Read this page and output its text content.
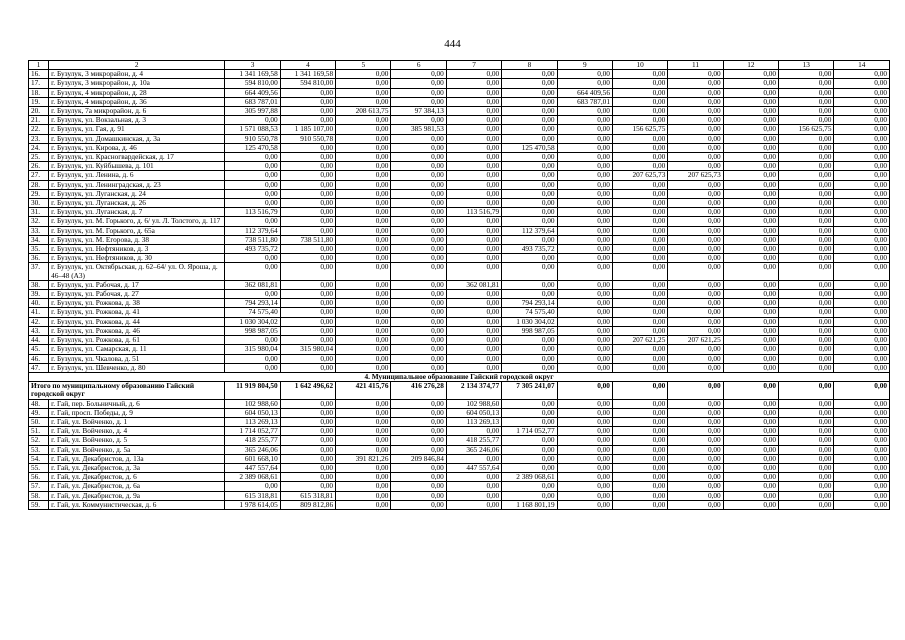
444
1	2	3	4	5	6	7	8	9	10	11	12	13	14
16.	г. Бузулук, 3 микрорайон, д. 4	1 341 169,58	1 341 169,58	0,00	0,00	0,00	0,00	0,00	0,00	0,00	0,00	0,00	0,00
17.	г. Бузулук, 3 микрорайон, д. 10а	594 810,00	594 810,00	0,00	0,00	0,00	0,00	0,00	0,00	0,00	0,00	0,00	0,00
18.	г. Бузулук, 4 микрорайон, д. 28	664 409,56	0,00	0,00	0,00	0,00	0,00	664 409,56	0,00	0,00	0,00	0,00	0,00
19.	г. Бузулук, 4 микрорайон, д. 36	683 787,01	0,00	0,00	0,00	0,00	0,00	683 787,01	0,00	0,00	0,00	0,00	0,00
20.	г. Бузулук, 7а микрорайон, д. 6	305 997,88	0,00	208 613,75	97 384,13	0,00	0,00	0,00	0,00	0,00	0,00	0,00	0,00
21.	г. Бузулук, ул. Вокзальная, д. 3	0,00	0,00	0,00	0,00	0,00	0,00	0,00	0,00	0,00	0,00	0,00	0,00
22.	г. Бузулук, ул. Гая, д. 91	1 571 088,53	1 185 107,00	0,00	385 981,53	0,00	0,00	0,00	156 625,75	0,00	0,00	156 625,75	0,00
23.	г. Бузулук, ул. Домашкинская, д. 3а	910 550,78	910 550,78	0,00	0,00	0,00	0,00	0,00	0,00	0,00	0,00	0,00	0,00
24.	г. Бузулук, ул. Кирова, д. 46	125 470,58	0,00	0,00	0,00	0,00	125 470,58	0,00	0,00	0,00	0,00	0,00	0,00
25.	г. Бузулук, ул. Красногвардейская, д. 17	0,00	0,00	0,00	0,00	0,00	0,00	0,00	0,00	0,00	0,00	0,00	0,00
26.	г. Бузулук, ул. Куйбышева, д. 101	0,00	0,00	0,00	0,00	0,00	0,00	0,00	0,00	0,00	0,00	0,00	0,00
27.	г. Бузулук, ул. Ленина, д. 6	0,00	0,00	0,00	0,00	0,00	0,00	0,00	207 625,73	207 625,73	0,00	0,00	0,00
28.	г. Бузулук, ул. Ленинградская, д. 23	0,00	0,00	0,00	0,00	0,00	0,00	0,00	0,00	0,00	0,00	0,00	0,00
29.	г. Бузулук, ул. Луганская, д. 24	0,00	0,00	0,00	0,00	0,00	0,00	0,00	0,00	0,00	0,00	0,00	0,00
30.	г. Бузулук, ул. Луганская, д. 26	0,00	0,00	0,00	0,00	0,00	0,00	0,00	0,00	0,00	0,00	0,00	0,00
31.	г. Бузулук, ул. Луганская, д. 7	113 516,79	0,00	0,00	0,00	113 516,79	0,00	0,00	0,00	0,00	0,00	0,00	0,00
32.	г. Бузулук, ул. М. Горького, д. 6/ ул. Л. Толстого, д. 117	0,00	0,00	0,00	0,00	0,00	0,00	0,00	0,00	0,00	0,00	0,00	0,00
33.	г. Бузулук, ул. М. Горького, д. 65а	112 379,64	0,00	0,00	0,00	0,00	112 379,64	0,00	0,00	0,00	0,00	0,00	0,00
34.	г. Бузулук, ул. М. Егорова, д. 38	738 511,80	738 511,80	0,00	0,00	0,00	0,00	0,00	0,00	0,00	0,00	0,00	0,00
35.	г. Бузулук, ул. Нефтяников, д. 3	493 735,72	0,00	0,00	0,00	0,00	493 735,72	0,00	0,00	0,00	0,00	0,00	0,00
36.	г. Бузулук, ул. Нефтяников, д. 30	0,00	0,00	0,00	0,00	0,00	0,00	0,00	0,00	0,00	0,00	0,00	0,00
37.	г. Бузулук, ул. Октябрьская, д. 62–64/ ул. О. Яроша, д. 46–48 (А3)	0,00	0,00	0,00	0,00	0,00	0,00	0,00	0,00	0,00	0,00	0,00	0,00
38.	г. Бузулук, ул. Рабочая, д. 17	362 081,81	0,00	0,00	0,00	362 081,81	0,00	0,00	0,00	0,00	0,00	0,00	0,00
39.	г. Бузулук, ул. Рабочая, д. 27	0,00	0,00	0,00	0,00	0,00	0,00	0,00	0,00	0,00	0,00	0,00	0,00
40.	г. Бузулук, ул. Рожкова, д. 38	794 293,14	0,00	0,00	0,00	0,00	794 293,14	0,00	0,00	0,00	0,00	0,00	0,00
41.	г. Бузулук, ул. Рожкова, д. 41	74 575,40	0,00	0,00	0,00	0,00	74 575,40	0,00	0,00	0,00	0,00	0,00	0,00
42.	г. Бузулук, ул. Рожкова, д. 44	1 030 304,02	0,00	0,00	0,00	0,00	1 030 304,02	0,00	0,00	0,00	0,00	0,00	0,00
43.	г. Бузулук, ул. Рожкова, д. 46	998 987,05	0,00	0,00	0,00	0,00	998 987,05	0,00	0,00	0,00	0,00	0,00	0,00
44.	г. Бузулук, ул. Рожкова, д. 61	0,00	0,00	0,00	0,00	0,00	0,00	0,00	207 621,25	207 621,25	0,00	0,00	0,00
45.	г. Бузулук, ул. Самарская, д. 11	315 980,04	315 980,04	0,00	0,00	0,00	0,00	0,00	0,00	0,00	0,00	0,00	0,00
46.	г. Бузулук, ул. Чкалова, д. 51	0,00	0,00	0,00	0,00	0,00	0,00	0,00	0,00	0,00	0,00	0,00	0,00
47.	г. Бузулук, ул. Шевченко, д. 80	0,00	0,00	0,00	0,00	0,00	0,00	0,00	0,00	0,00	0,00	0,00	0,00
4. Муниципальное образование Гайский городской округ													
Итого по муниципальному образованию Гайский городской округ		11 919 804,50	1 642 496,62	421 415,76	416 276,28	2 134 374,77	7 305 241,07	0,00	0,00	0,00	0,00	0,00	0,00
48.	г. Гай, пер. Больничный, д. 6	102 988,60	0,00	0,00	0,00	102 988,60	0,00	0,00	0,00	0,00	0,00	0,00	0,00
49.	г. Гай, просп. Победы, д. 9	604 050,13	0,00	0,00	0,00	604 050,13	0,00	0,00	0,00	0,00	0,00	0,00	0,00
50.	г. Гай, ул. Войченко, д. 1	113 269,13	0,00	0,00	0,00	113 269,13	0,00	0,00	0,00	0,00	0,00	0,00	0,00
51.	г. Гай, ул. Войченко, д. 4	1 714 052,77	0,00	0,00	0,00	0,00	1 714 052,77	0,00	0,00	0,00	0,00	0,00	0,00
52.	г. Гай, ул. Войченко, д. 5	418 255,77	0,00	0,00	0,00	418 255,77	0,00	0,00	0,00	0,00	0,00	0,00	0,00
53.	г. Гай, ул. Войченко, д. 5а	365 246,06	0,00	0,00	0,00	365 246,06	0,00	0,00	0,00	0,00	0,00	0,00	0,00
54.	г. Гай, ул. Декабристов, д. 13а	601 668,10	0,00	391 821,26	209 846,84	0,00	0,00	0,00	0,00	0,00	0,00	0,00	0,00
55.	г. Гай, ул. Декабристов, д. 3а	447 557,64	0,00	0,00	0,00	447 557,64	0,00	0,00	0,00	0,00	0,00	0,00	0,00
56.	г. Гай, ул. Декабристов, д. 6	2 389 068,61	0,00	0,00	0,00	0,00	2 389 068,61	0,00	0,00	0,00	0,00	0,00	0,00
57.	г. Гай, ул. Декабристов, д. 6а	0,00	0,00	0,00	0,00	0,00	0,00	0,00	0,00	0,00	0,00	0,00	0,00
58.	г. Гай, ул. Декабристов, д. 9а	615 318,81	615 318,81	0,00	0,00	0,00	0,00	0,00	0,00	0,00	0,00	0,00	0,00
59.	г. Гай, ул. Коммунистическая, д. 6	1 978 614,05	809 812,86	0,00	0,00	0,00	1 168 801,19	0,00	0,00	0,00	0,00	0,00	0,00
